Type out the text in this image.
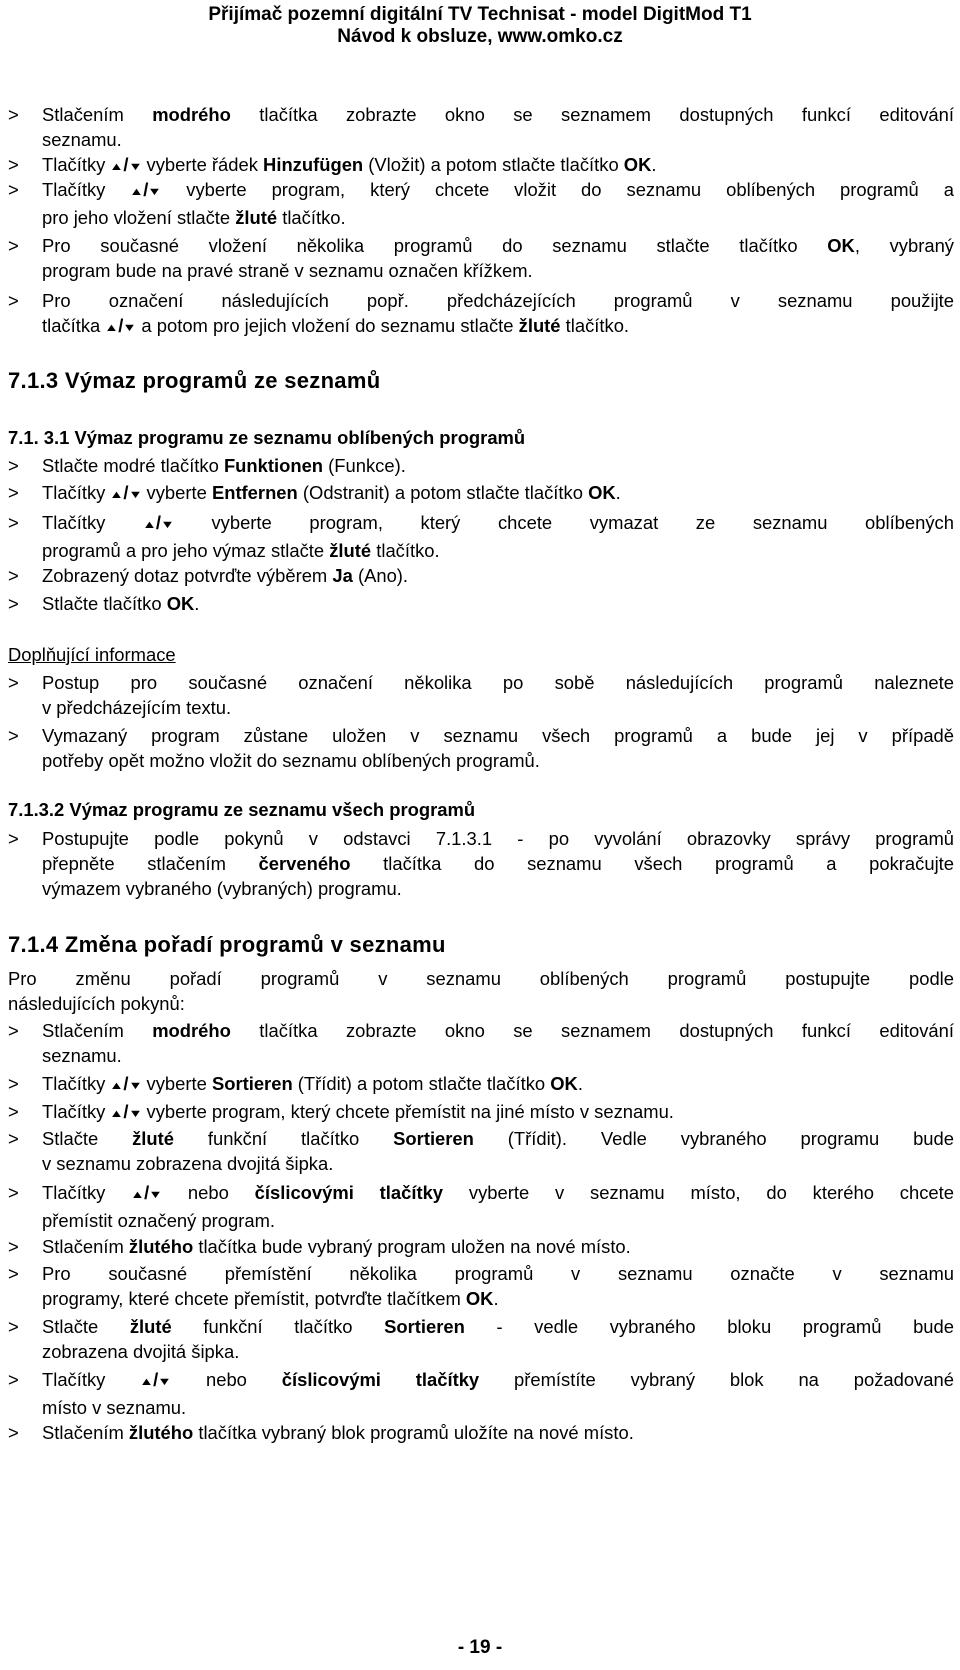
Přijímač pozemní digitální TV Technisat - model DigitMod T1
Návod k obsluze, www.omko.cz
> Stlačením modrého tlačítka zobrazte okno se seznamem dostupných funkcí editování
seznamu.
> Tlačítky ▲/▼ vyberte řádek Hinzufügen (Vložit) a potom stlačte tlačítko OK.
> Tlačítky ▲/▼ vyberte program, který chcete vložit do seznamu oblíbených programů a
pro jeho vložení stlačte žluté tlačítko.
> Pro současné vložení několika programů do seznamu stlačte tlačítko OK, vybraný
program bude na pravé straně v seznamu označen křížkem.
> Pro označení následujících popř. předcházejících programů v seznamu použijte
tlačítka ▲/▼ a potom pro jejich vložení do seznamu stlačte žluté tlačítko.
7.1.3 Výmaz programů ze seznamů
7.1. 3.1 Výmaz programu ze seznamu oblíbených programů
> Stlačte modré tlačítko Funktionen (Funkce).
> Tlačítky ▲/▼ vyberte Entfernen (Odstranit) a potom stlačte tlačítko OK.
> Tlačítky	▲/▼ vyberte program, který chcete vymazat ze seznamu oblíbených
programů a pro jeho výmaz stlačte žluté tlačítko.
> Zobrazený dotaz potvrďte výběrem Ja (Ano).
> Stlačte tlačítko OK.
Doplňující informace
> Postup pro současné označení několika po sobě následujících programů naleznete
v předcházejícím textu.
> Vymazaný program zůstane uložen v seznamu všech programů a bude jej v případě
potřeby opět možno vložit do seznamu oblíbených programů.
7.1.3.2 Výmaz programu ze seznamu všech programů
> Postupujte podle pokynů v odstavci 7.1.3.1 - po vyvolání obrazovky správy programů
přepněte stlačením červeného tlačítka do seznamu všech programů a pokračujte
výmazem vybraného (vybraných) programu.
7.1.4 Změna pořadí programů v seznamu
Pro změnu pořadí programů v seznamu oblíbených programů postupujte podle
následujících pokynů:
> Stlačením modrého tlačítka zobrazte okno se seznamem dostupných funkcí editování
seznamu.
> Tlačítky ▲/▼ vyberte Sortieren (Třídit) a potom stlačte tlačítko OK.
> Tlačítky ▲/▼ vyberte program, který chcete přemístit na jiné místo v seznamu.
> Stlačte žluté funkční tlačítko Sortieren (Třídit). Vedle vybraného programu bude
v seznamu zobrazena dvojitá šipka.
> Tlačítky ▲/▼ nebo číslicovými tlačítky vyberte v seznamu místo, do kterého chcete
přemístit označený program.
> Stlačením žlutého tlačítka bude vybraný program uložen na nové místo.
> Pro současné přemístění několika programů v seznamu označte v seznamu
programy, které chcete přemístit, potvrďte tlačítkem OK.
> Stlačte žluté funkční tlačítko Sortieren - vedle vybraného bloku programů bude
zobrazena dvojitá šipka.
> Tlačítky	▲/▼ nebo číslicovými tlačítky přemístíte vybraný blok na požadované
místo v seznamu.
> Stlačením žlutého tlačítka vybraný blok programů uložíte na nové místo.
- 19 -
